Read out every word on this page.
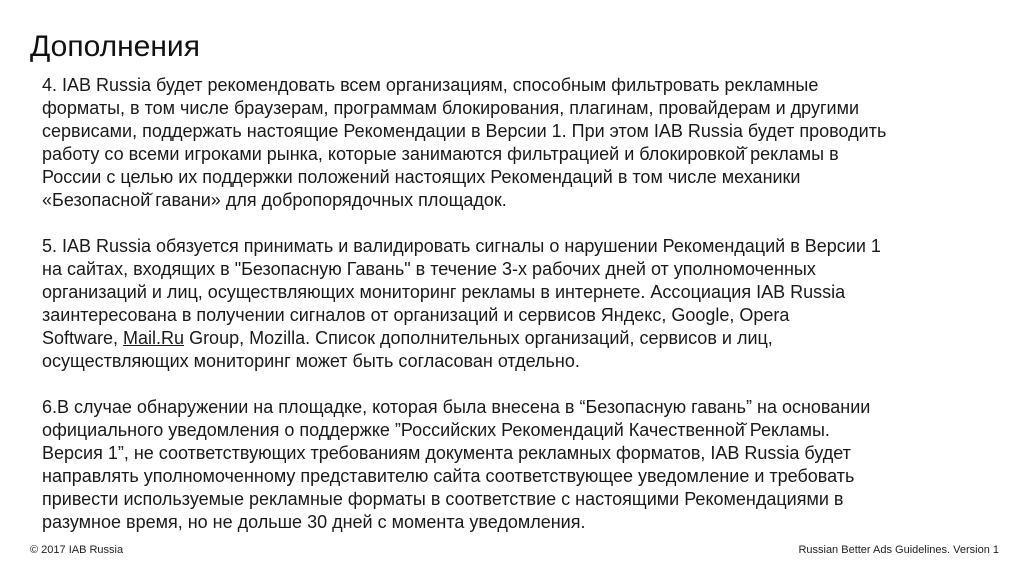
Дополнения

4. IAB Russia будет рекомендовать всем организациям, способным фильтровать рекламные
форматы, в том числе браузерам, программам блокирования, плагинам, провайдерам и другими
сервисами, поддержать настоящие Рекомендации в Версии 1. При этом IAB Russia будет проводить
работу со всеми игроками рынка, которые занимаются фильтрацией и блокировкой̆ рекламы в
России с целью их поддержки положений настоящих Рекомендаций в том числе механики
«Безопасной̆ гавани» для добропорядочных площадок.

5. IAB Russia обязуется принимать и валидировать сигналы о нарушении Рекомендаций в Версии 1
на сайтах, входящих в "Безопасную Гавань" в течение 3-х рабочих дней от уполномоченных
организаций и лиц, осуществляющих мониторинг рекламы в интернете. Ассоциация IAB Russia
заинтересована в получении сигналов от организаций и сервисов Яндекс, Google, Opera
Software, Mail.Ru Group, Mozilla. Список дополнительных организаций, сервисов и лиц,
осуществляющих мониторинг может быть согласован отдельно.

6.В случае обнаружении на площадке, которая была внесена в “Безопасную гавань” на основании
официального уведомления о поддержке ”Российских Рекомендаций Качественной̆ Рекламы.
Версия 1”, не соответствующих требованиям документа рекламных форматов, IAB Russia будет
направлять уполномоченному представителю сайта соответствующее уведомление и требовать
привести используемые рекламные форматы в соответствие с настоящими Рекомендациями в
разумное время, но не дольше 30 дней с момента уведомления.

© 2017 IAB Russia	Russian Better Ads Guidelines. Version 1
